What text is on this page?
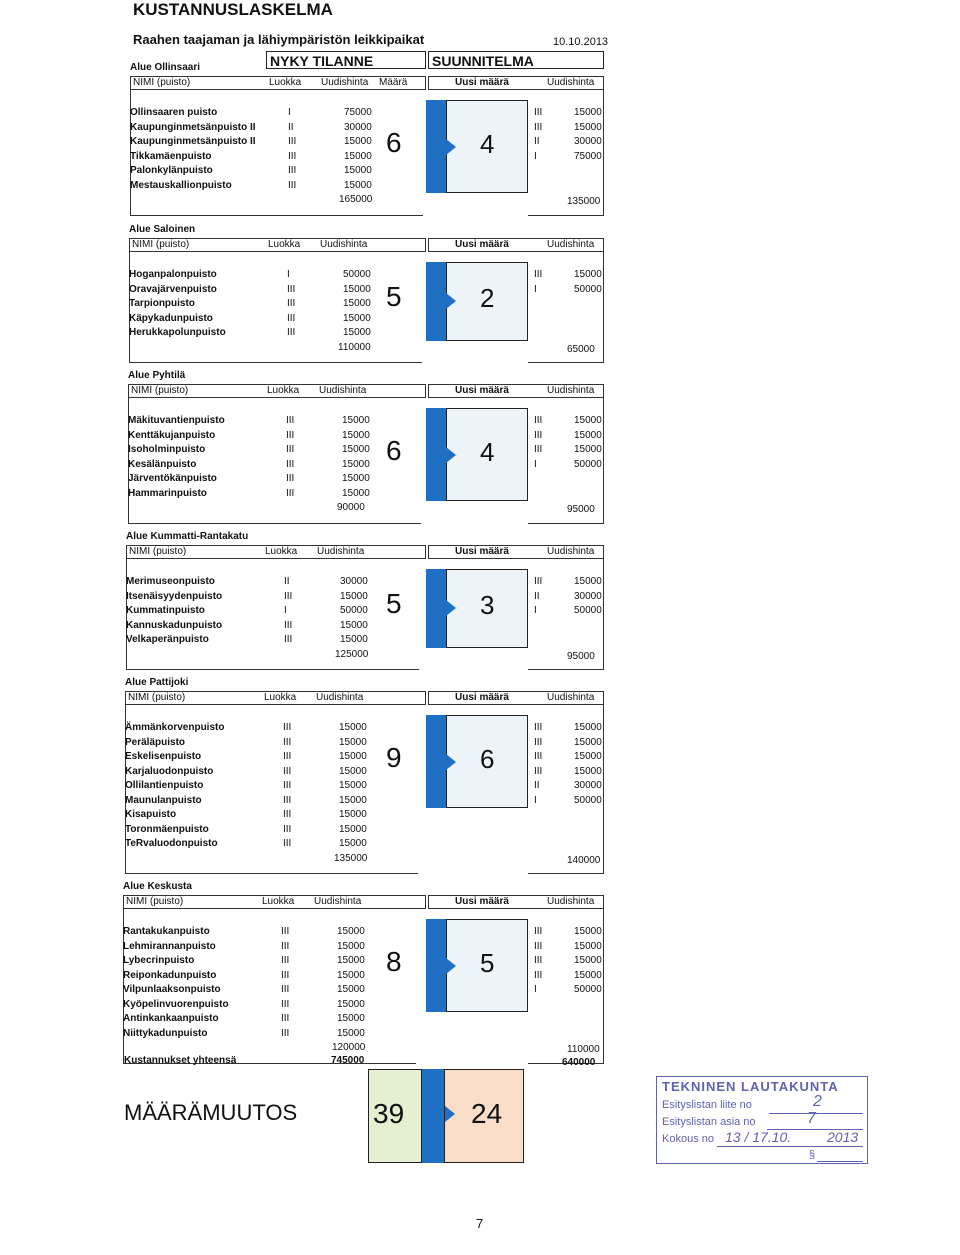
KUSTANNUSLASKELMA
Raahen taajaman ja lähiympäristön leikkipaikat	10.10.2013
NYKY TILANNE	SUUNNITELMA
Alue Ollinsaari
NIMI (puisto)	Luokka Uudishinta Määrä	Uusi määrä	Uudishinta
Ollinsaaren puisto	I	75000
Kaupunginmetsänpuisto II	II	30000
Kaupunginmetsänpuisto II	III	15000
Tikkamäenpuisto	III	15000
Palonkylänpuisto	III	15000
Mestauskallionpuisto	III	15000
165000
6	4
III	15000
III	15000
II	30000
I	75000
135000
Alue Saloinen
NIMI (puisto)	Luokka Uudishinta	Uusi määrä	Uudishinta
Hoganpalonpuisto	I	50000
Oravajärvenpuisto	III	15000
Tarpionpuisto	III	15000
Käpykadunpuisto	III	15000
Herukkapolunpuisto	III	15000
110000
5	2
III	15000
I	50000
65000
Alue Pyhtilä
NIMI (puisto)	Luokka Uudishinta	Uusi määrä	Uudishinta
Mäkituvantienpuisto	III	15000
Kenttäkujanpuisto	III	15000
Isoholminpuisto	III	15000
Kesälänpuisto	III	15000
Järventökänpuisto	III	15000
Hammarinpuisto	III	15000
90000
6	4
III	15000
III	15000
III	15000
I	50000
95000
Alue Kummatti-Rantakatu
NIMI (puisto)	Luokka Uudishinta	Uusi määrä	Uudishinta
Merimuseonpuisto	II	30000
Itsenäisyydenpuisto	III	15000
Kummatinpuisto	I	50000
Kannuskadunpuisto	III	15000
Velkaperänpuisto	III	15000
125000
5	3
III	15000
II	30000
I	50000
95000
Alue Pattijoki
NIMI (puisto)	Luokka Uudishinta	Uusi määrä	Uudishinta
Ämmänkorvenpuisto	III	15000
Peräläpuisto	III	15000
Eskelisenpuisto	III	15000
Karjaluodonpuisto	III	15000
Ollilantienpuisto	III	15000
Maunulanpuisto	III	15000
Kisapuisto	III	15000
Toronmäenpuisto	III	15000
TeRvaluodonpuisto	III	15000
135000
9	6
III	15000
III	15000
III	15000
III	15000
II	30000
I	50000
140000
Alue Keskusta
NIMI (puisto)	Luokka Uudishinta	Uusi määrä	Uudishinta
Rantakukanpuisto	III	15000
Lehmirannanpuisto	III	15000
Lybecrinpuisto	III	15000
Reiponkadunpuisto	III	15000
Vilpunlaaksonpuisto	III	15000
Kyöpelinvuorenpuisto	III	15000
Antinkankaanpuisto	III	15000
Niittykadunpuisto	III	15000
120000
8	5
III	15000
III	15000
III	15000
III	15000
I	50000
110000
Kustannukset yhteensä	745000	640000
MÄÄRÄMUUTOS	39 24
TEKNINEN LAUTAKUNTA
Esityslistan liite no	2
Esityslistan asia no	7
Kokous no 13 / 17.10.	2013
§
7
